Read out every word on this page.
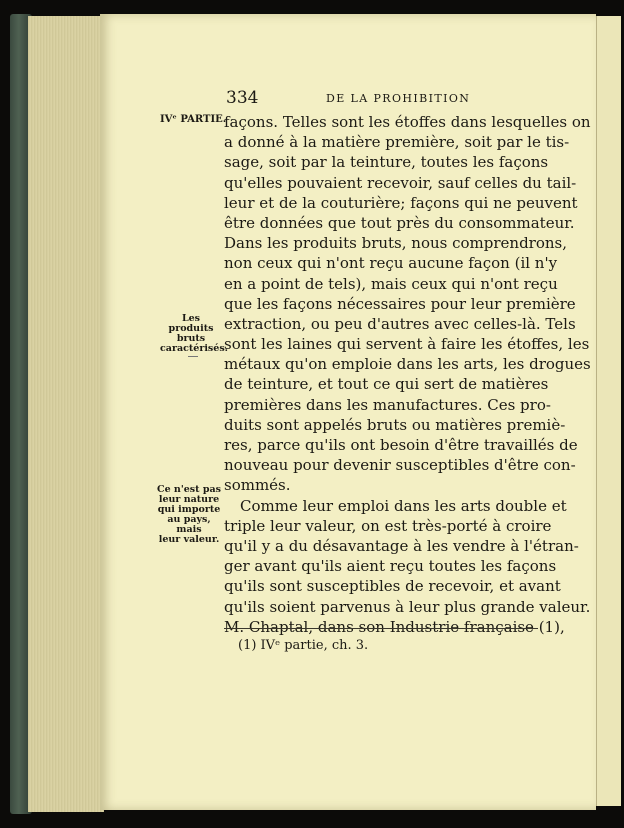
334	DE LA PROHIBITION
IVᵉ PARTIE.
Les produits
bruts
caractérisés.
Ce n'est pas
leur nature
qui importe
au pays, mais
leur valeur.
façons. Telles sont les étoffes dans lesquelles on
a donné à la matière première, soit par le tis-
sage, soit par la teinture, toutes les façons
qu'elles pouvaient recevoir, sauf celles du tail-
leur et de la couturière; façons qui ne peuvent
être données que tout près du consommateur.
Dans les produits bruts, nous comprendrons,
non ceux qui n'ont reçu aucune façon (il n'y
en a point de tels), mais ceux qui n'ont reçu
que les façons nécessaires pour leur première
extraction, ou peu d'autres avec celles-là. Tels
sont les laines qui servent à faire les étoffes, les
métaux qu'on emploie dans les arts, les drogues
de teinture, et tout ce qui sert de matières
premières dans les manufactures. Ces pro-
duits sont appelés bruts ou matières premiè-
res, parce qu'ils ont besoin d'être travaillés de
nouveau pour devenir susceptibles d'être con-
sommés.
Comme leur emploi dans les arts double et
triple leur valeur, on est très-porté à croire
qu'il y a du désavantage à les vendre à l'étran-
ger avant qu'ils aient reçu toutes les façons
qu'ils sont susceptibles de recevoir, et avant
qu'ils soient parvenus à leur plus grande valeur.
M. Chaptal, dans son Industrie française (1),
(1) IVᵉ partie, ch. 3.
